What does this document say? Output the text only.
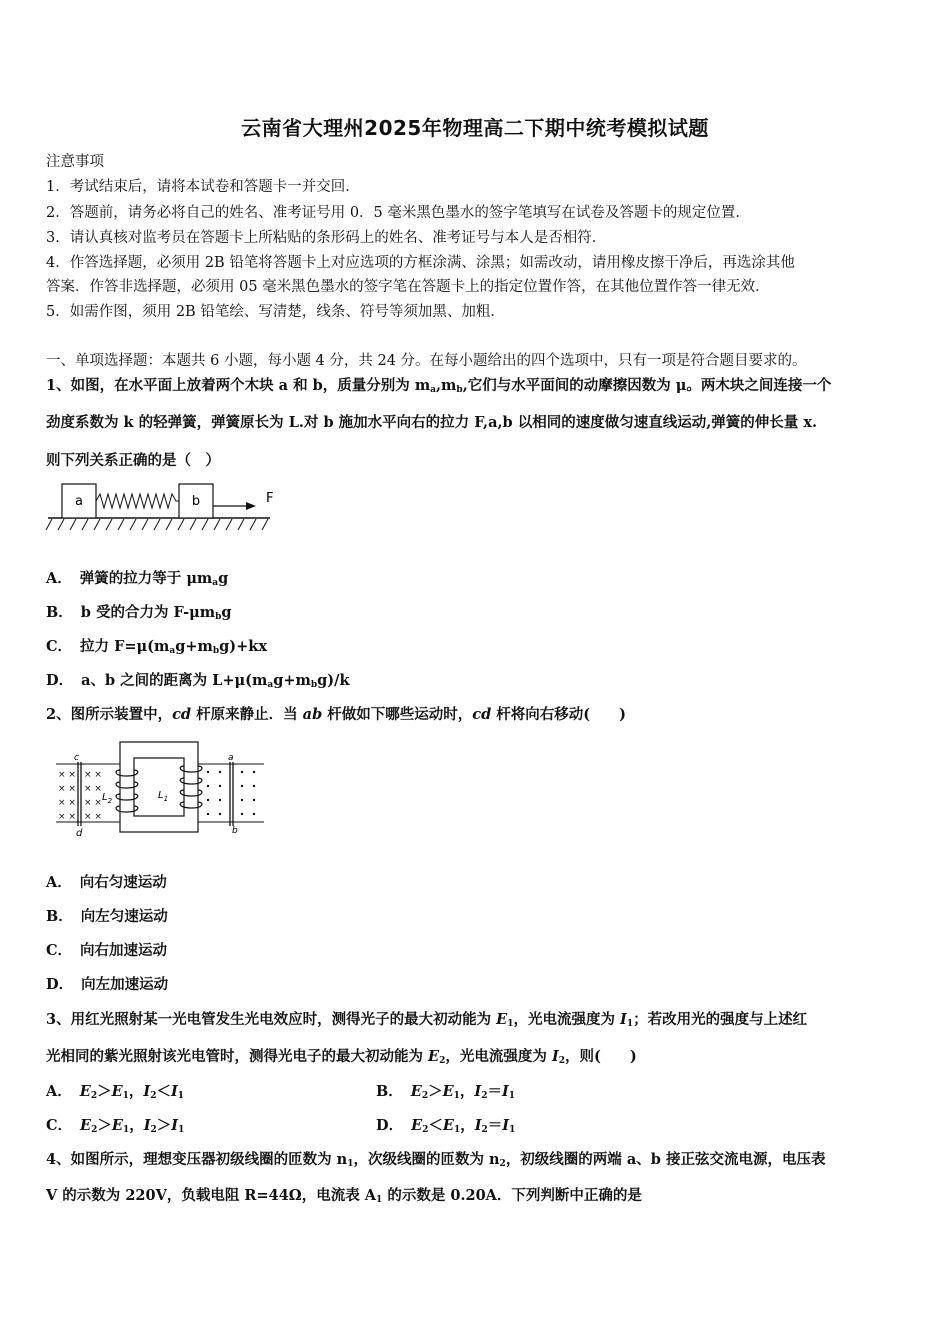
云南省大理州2025年物理高二下期中统考模拟试题
注意事项
1．考试结束后，请将本试卷和答题卡一并交回．
2．答题前，请务必将自己的姓名、准考证号用 0．5 毫米黑色墨水的签字笔填写在试卷及答题卡的规定位置．
3．请认真核对监考员在答题卡上所粘贴的条形码上的姓名、准考证号与本人是否相符．
4．作答选择题，必须用 2B 铅笔将答题卡上对应选项的方框涂满、涂黑；如需改动，请用橡皮擦干净后，再选涂其他
答案．作答非选择题，必须用 05 毫米黑色墨水的签字笔在答题卡上的指定位置作答，在其他位置作答一律无效．
5．如需作图，须用 2B 铅笔绘、写清楚，线条、符号等须加黑、加粗．
一、单项选择题：本题共 6 小题，每小题 4 分，共 24 分。在每小题给出的四个选项中，只有一项是符合题目要求的。
1、如图，在水平面上放着两个木块 a 和 b，质量分别为 $m_a,m_b$,它们与水平面间的动摩擦因数为 μ。两木块之间连接一个
劲度系数为 k 的轻弹簧，弹簧原长为 L.对 b 施加水平向右的拉力 F,a,b 以相同的速度做匀速直线运动,弹簧的伸长量 x.
则下列关系正确的是（　）
a	b	F
A． 弹簧的拉力等于 $\mu m_ag$
B． b 受的合力为 $F-\mu m_bg$
C． 拉力 $F=\mu(m_ag+m_bg)+kx$
D． a、b 之间的距离为 $L+\mu(m_ag+m_bg)/k$
2、图所示装置中，cd 杆原来静止．当 ab 杆做如下哪些运动时，cd 杆将向右移动(　　)
c
d
× × × ×
× × × ×
× × × ×
× × × ×
$L_2$	$L_1$
a
b
A． 向右匀速运动
B． 向左匀速运动
C． 向右加速运动
D． 向左加速运动
3、用红光照射某一光电管发生光电效应时，测得光子的最大初动能为 $E_1$，光电流强度为 $I_1$；若改用光的强度与上述红
光相同的紫光照射该光电管时，测得光电子的最大初动能为 $E_2$，光电流强度为 $I_2$，则(　　)
A． $E_2>E_1$，$I_2<I_1$	B． $E_2>E_1$，$I_2=I_1$
C． $E_2>E_1$，$I_2>I_1$	D． $E_2<E_1$，$I_2=I_1$
4、如图所示，理想变压器初级线圈的匝数为 $n_1$，次级线圈的匝数为 $n_2$，初级线圈的两端 a、b 接正弦交流电源，电压表
V 的示数为 220V，负载电阻 R=44Ω，电流表 $A_1$ 的示数是 0.20A．下列判断中正确的是
